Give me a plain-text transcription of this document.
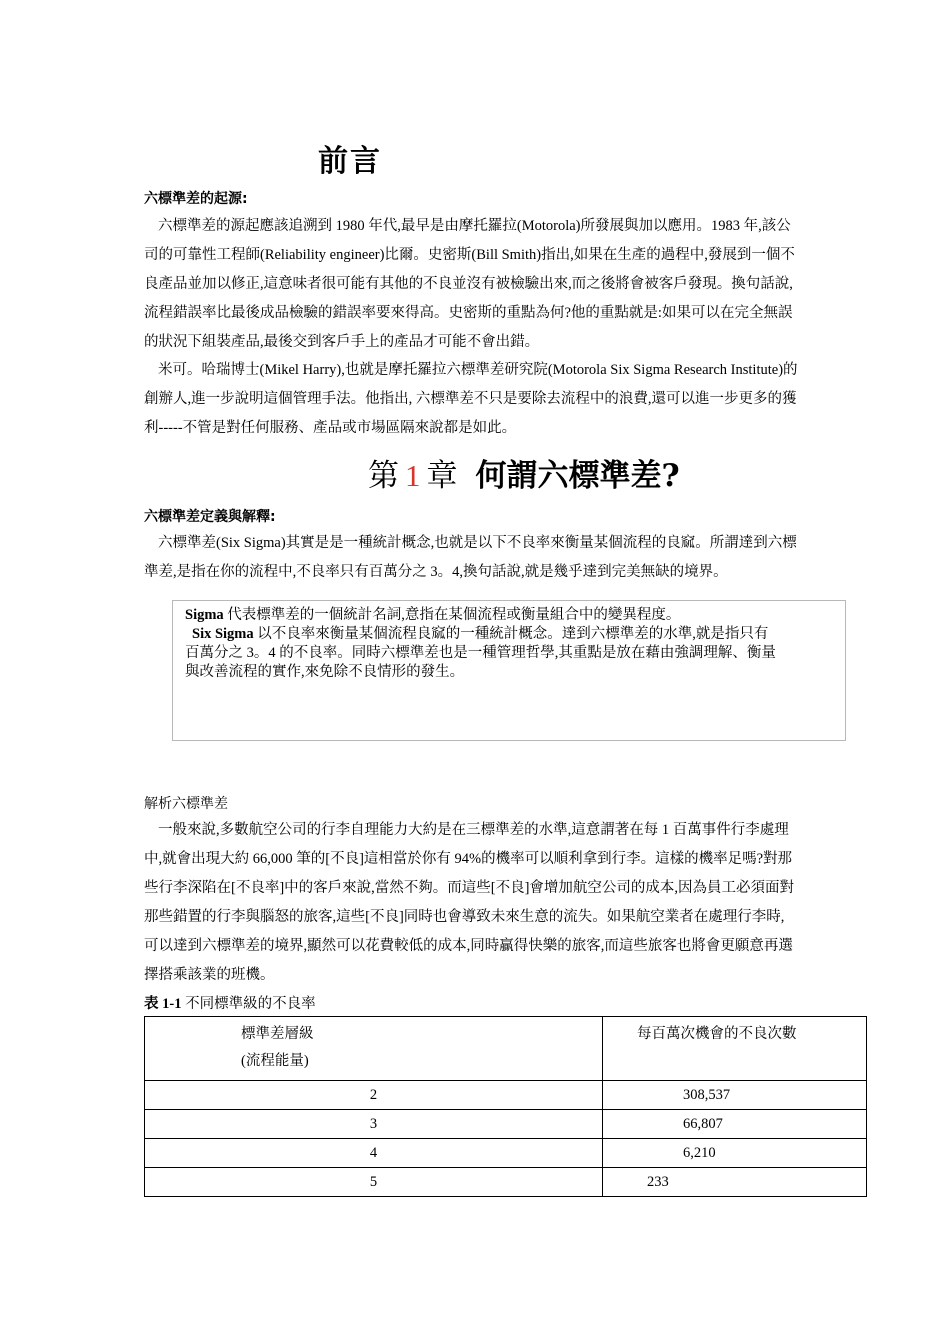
前言
六標準差的起源:
六標準差的源起應該追溯到 1980 年代,最早是由摩托羅拉(Motorola)所發展與加以應用。1983 年,該公
司的可靠性工程師(Reliability engineer)比爾。史密斯(Bill Smith)指出,如果在生產的過程中,發展到一個不
良產品並加以修正,這意味者很可能有其他的不良並沒有被檢驗出來,而之後將會被客戶發現。換句話說,
流程錯誤率比最後成品檢驗的錯誤率要來得高。史密斯的重點為何?他的重點就是:如果可以在完全無誤
的狀況下組裝產品,最後交到客戶手上的產品才可能不會出錯。
米可。哈瑞博士(Mikel Harry),也就是摩托羅拉六標準差研究院(Motorola Six Sigma Research Institute)的
創辦人,進一步說明這個管理手法。他指出, 六標準差不只是要除去流程中的浪費,還可以進一步更多的獲
利-----不管是對任何服務、產品或市場區隔來說都是如此。
第 1 章 何謂六標準差?
六標準差定義與解釋:
六標準差(Six Sigma)其實是是一種統計概念,也就是以下不良率來衡量某個流程的良窳。所謂達到六標
準差,是指在你的流程中,不良率只有百萬分之 3。4,換句話說,就是幾乎達到完美無缺的境界。
Sigma 代表標準差的一個統計名詞,意指在某個流程或衡量組合中的變異程度。
Six Sigma 以不良率來衡量某個流程良窳的一種統計概念。達到六標準差的水準,就是指只有
百萬分之 3。4 的不良率。同時六標準差也是一種管理哲學,其重點是放在藉由強調理解、衡量
與改善流程的實作,來免除不良情形的發生。
解析六標準差
一般來說,多數航空公司的行李自理能力大約是在三標準差的水準,這意謂著在每 1 百萬事件行李處理
中,就會出現大約 66,000 筆的[不良]這相當於你有 94%的機率可以順利拿到行李。這樣的機率足嗎?對那
些行李深陷在[不良率]中的客戶來說,當然不夠。而這些[不良]會增加航空公司的成本,因為員工必須面對
那些錯置的行李與腦怒的旅客,這些[不良]同時也會導致未來生意的流失。如果航空業者在處理行李時,
可以達到六標準差的境界,顯然可以花費較低的成本,同時贏得快樂的旅客,而這些旅客也將會更願意再選
擇搭乘該業的班機。
表 1-1 不同標準級的不良率
標準差層級
(流程能量)	每百萬次機會的不良次數
2	308,537
3	66,807
4	6,210
5	233
